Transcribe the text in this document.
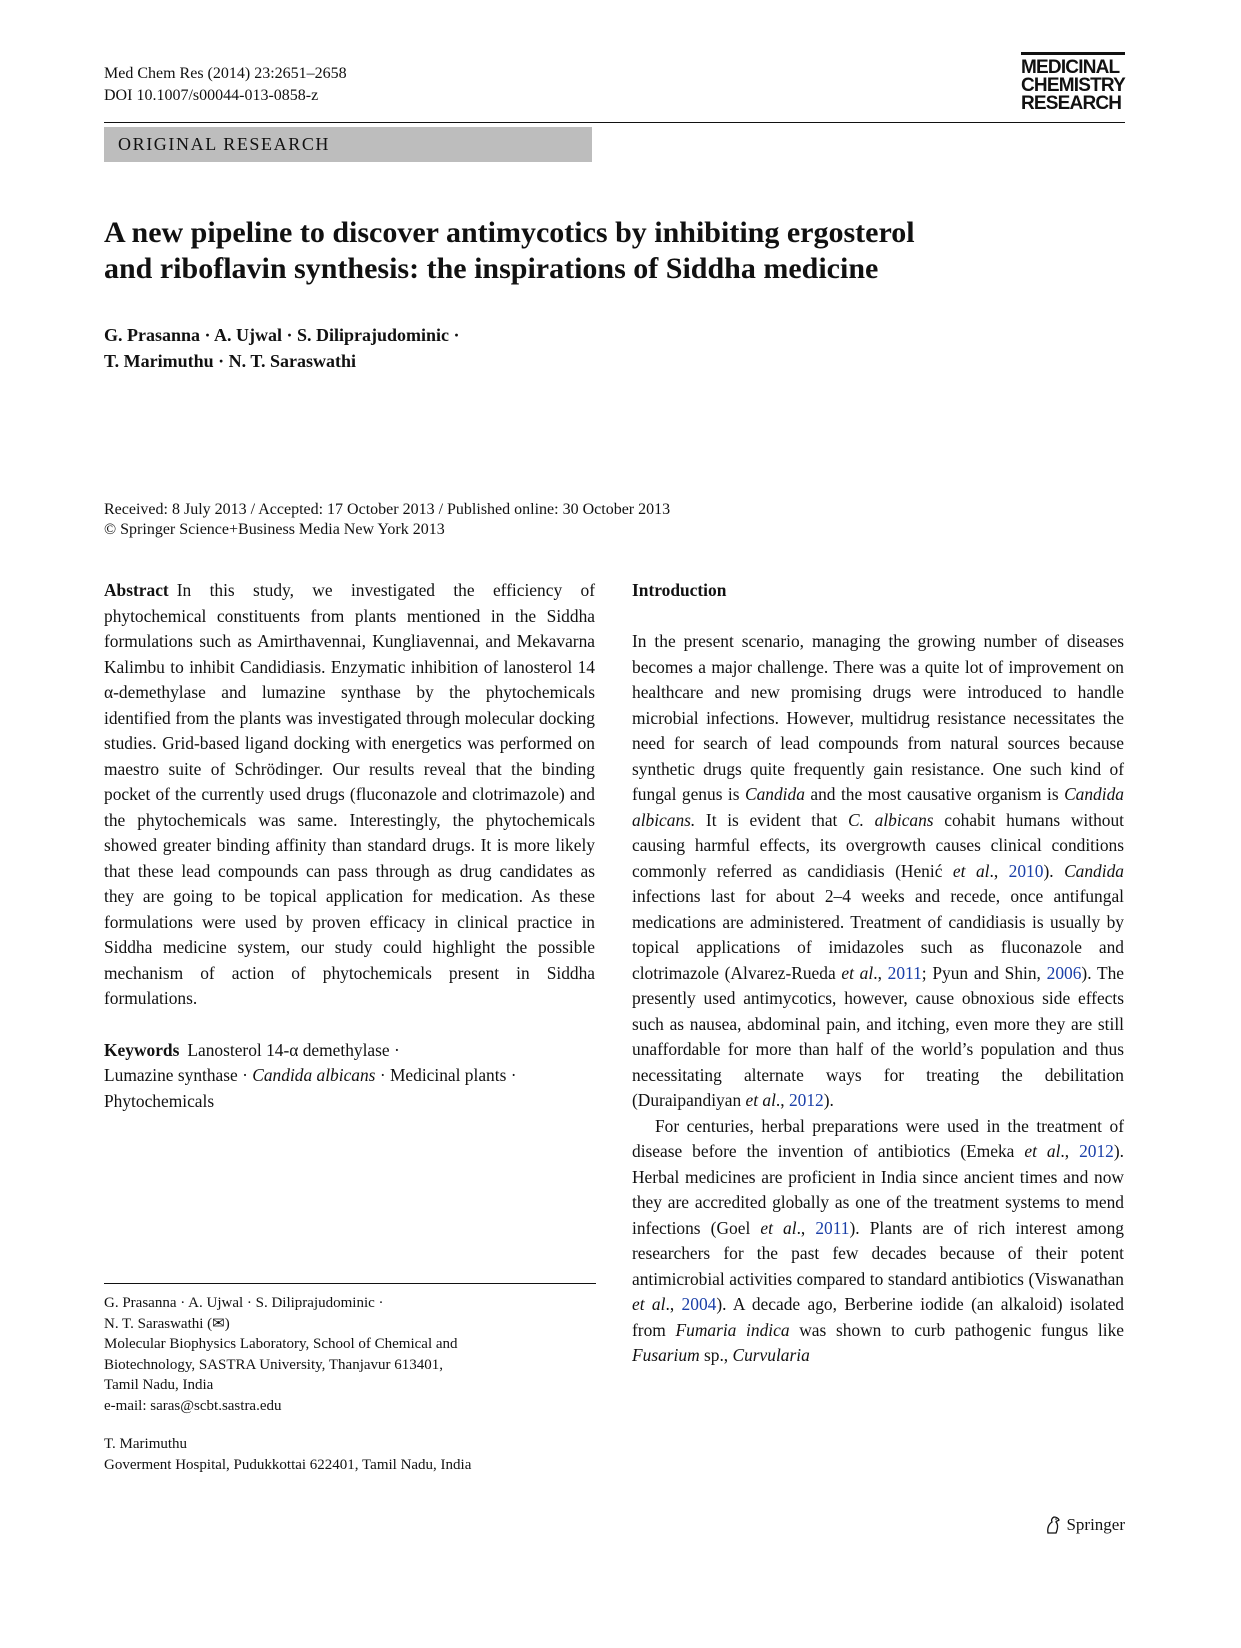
Med Chem Res (2014) 23:2651–2658
DOI 10.1007/s00044-013-0858-z
MEDICINAL
CHEMISTRY
RESEARCH
ORIGINAL RESEARCH
A new pipeline to discover antimycotics by inhibiting ergosterol
and riboflavin synthesis: the inspirations of Siddha medicine
G. Prasanna · A. Ujwal · S. Diliprajudominic ·
T. Marimuthu · N. T. Saraswathi
Received: 8 July 2013 / Accepted: 17 October 2013 / Published online: 30 October 2013
© Springer Science+Business Media New York 2013

Abstract In this study, we investigated the efficiency of phytochemical constituents from plants mentioned in the Siddha formulations such as Amirthavennai, Kungliavennai, and Mekavarna Kalimbu to inhibit Candidiasis. Enzymatic inhibition of lanosterol 14 α-demethylase and lumazine synthase by the phytochemicals identified from the plants was investigated through molecular docking studies. Grid-based ligand docking with energetics was performed on maestro suite of Schrödinger. Our results reveal that the binding pocket of the currently used drugs (fluconazole and clotrimazole) and the phytochemicals was same. Interestingly, the phytochemicals showed greater binding affinity than standard drugs. It is more likely that these lead compounds can pass through as drug candidates as they are going to be topical application for medication. As these formulations were used by proven efficacy in clinical practice in Siddha medicine system, our study could highlight the possible mechanism of action of phytochemicals present in Siddha formulations.

Keywords Lanosterol 14-α demethylase ·
Lumazine synthase · Candida albicans · Medicinal plants ·
Phytochemicals

G. Prasanna · A. Ujwal · S. Diliprajudominic ·
N. T. Saraswathi (✉)
Molecular Biophysics Laboratory, School of Chemical and
Biotechnology, SASTRA University, Thanjavur 613401,
Tamil Nadu, India
e-mail: saras@scbt.sastra.edu
T. Marimuthu
Goverment Hospital, Pudukkottai 622401, Tamil Nadu, India

Introduction

In the present scenario, managing the growing number of diseases becomes a major challenge. There was a quite lot of improvement on healthcare and new promising drugs were introduced to handle microbial infections. However, multidrug resistance necessitates the need for search of lead compounds from natural sources because synthetic drugs quite frequently gain resistance. One such kind of fungal genus is Candida and the most causative organism is Candida albicans. It is evident that C. albicans cohabit humans without causing harmful effects, its overgrowth causes clinical conditions commonly referred as candidiasis (Henić et al., 2010). Candida infections last for about 2–4 weeks and recede, once antifungal medications are administered. Treatment of candidiasis is usually by topical applications of imidazoles such as fluconazole and clotrimazole (Alvarez-Rueda et al., 2011; Pyun and Shin, 2006). The presently used antimycotics, however, cause obnoxious side effects such as nausea, abdominal pain, and itching, even more they are still unaffordable for more than half of the world’s population and thus necessitating alternate ways for treating the debilitation (Duraipandiyan et al., 2012).

For centuries, herbal preparations were used in the treatment of disease before the invention of antibiotics (Emeka et al., 2012). Herbal medicines are proficient in India since ancient times and now they are accredited globally as one of the treatment systems to mend infections (Goel et al., 2011). Plants are of rich interest among researchers for the past few decades because of their potent antimicrobial activities compared to standard antibiotics (Viswanathan et al., 2004). A decade ago, Berberine iodide (an alkaloid) isolated from Fumaria indica was shown to curb pathogenic fungus like Fusarium sp., Curvularia

Springer
